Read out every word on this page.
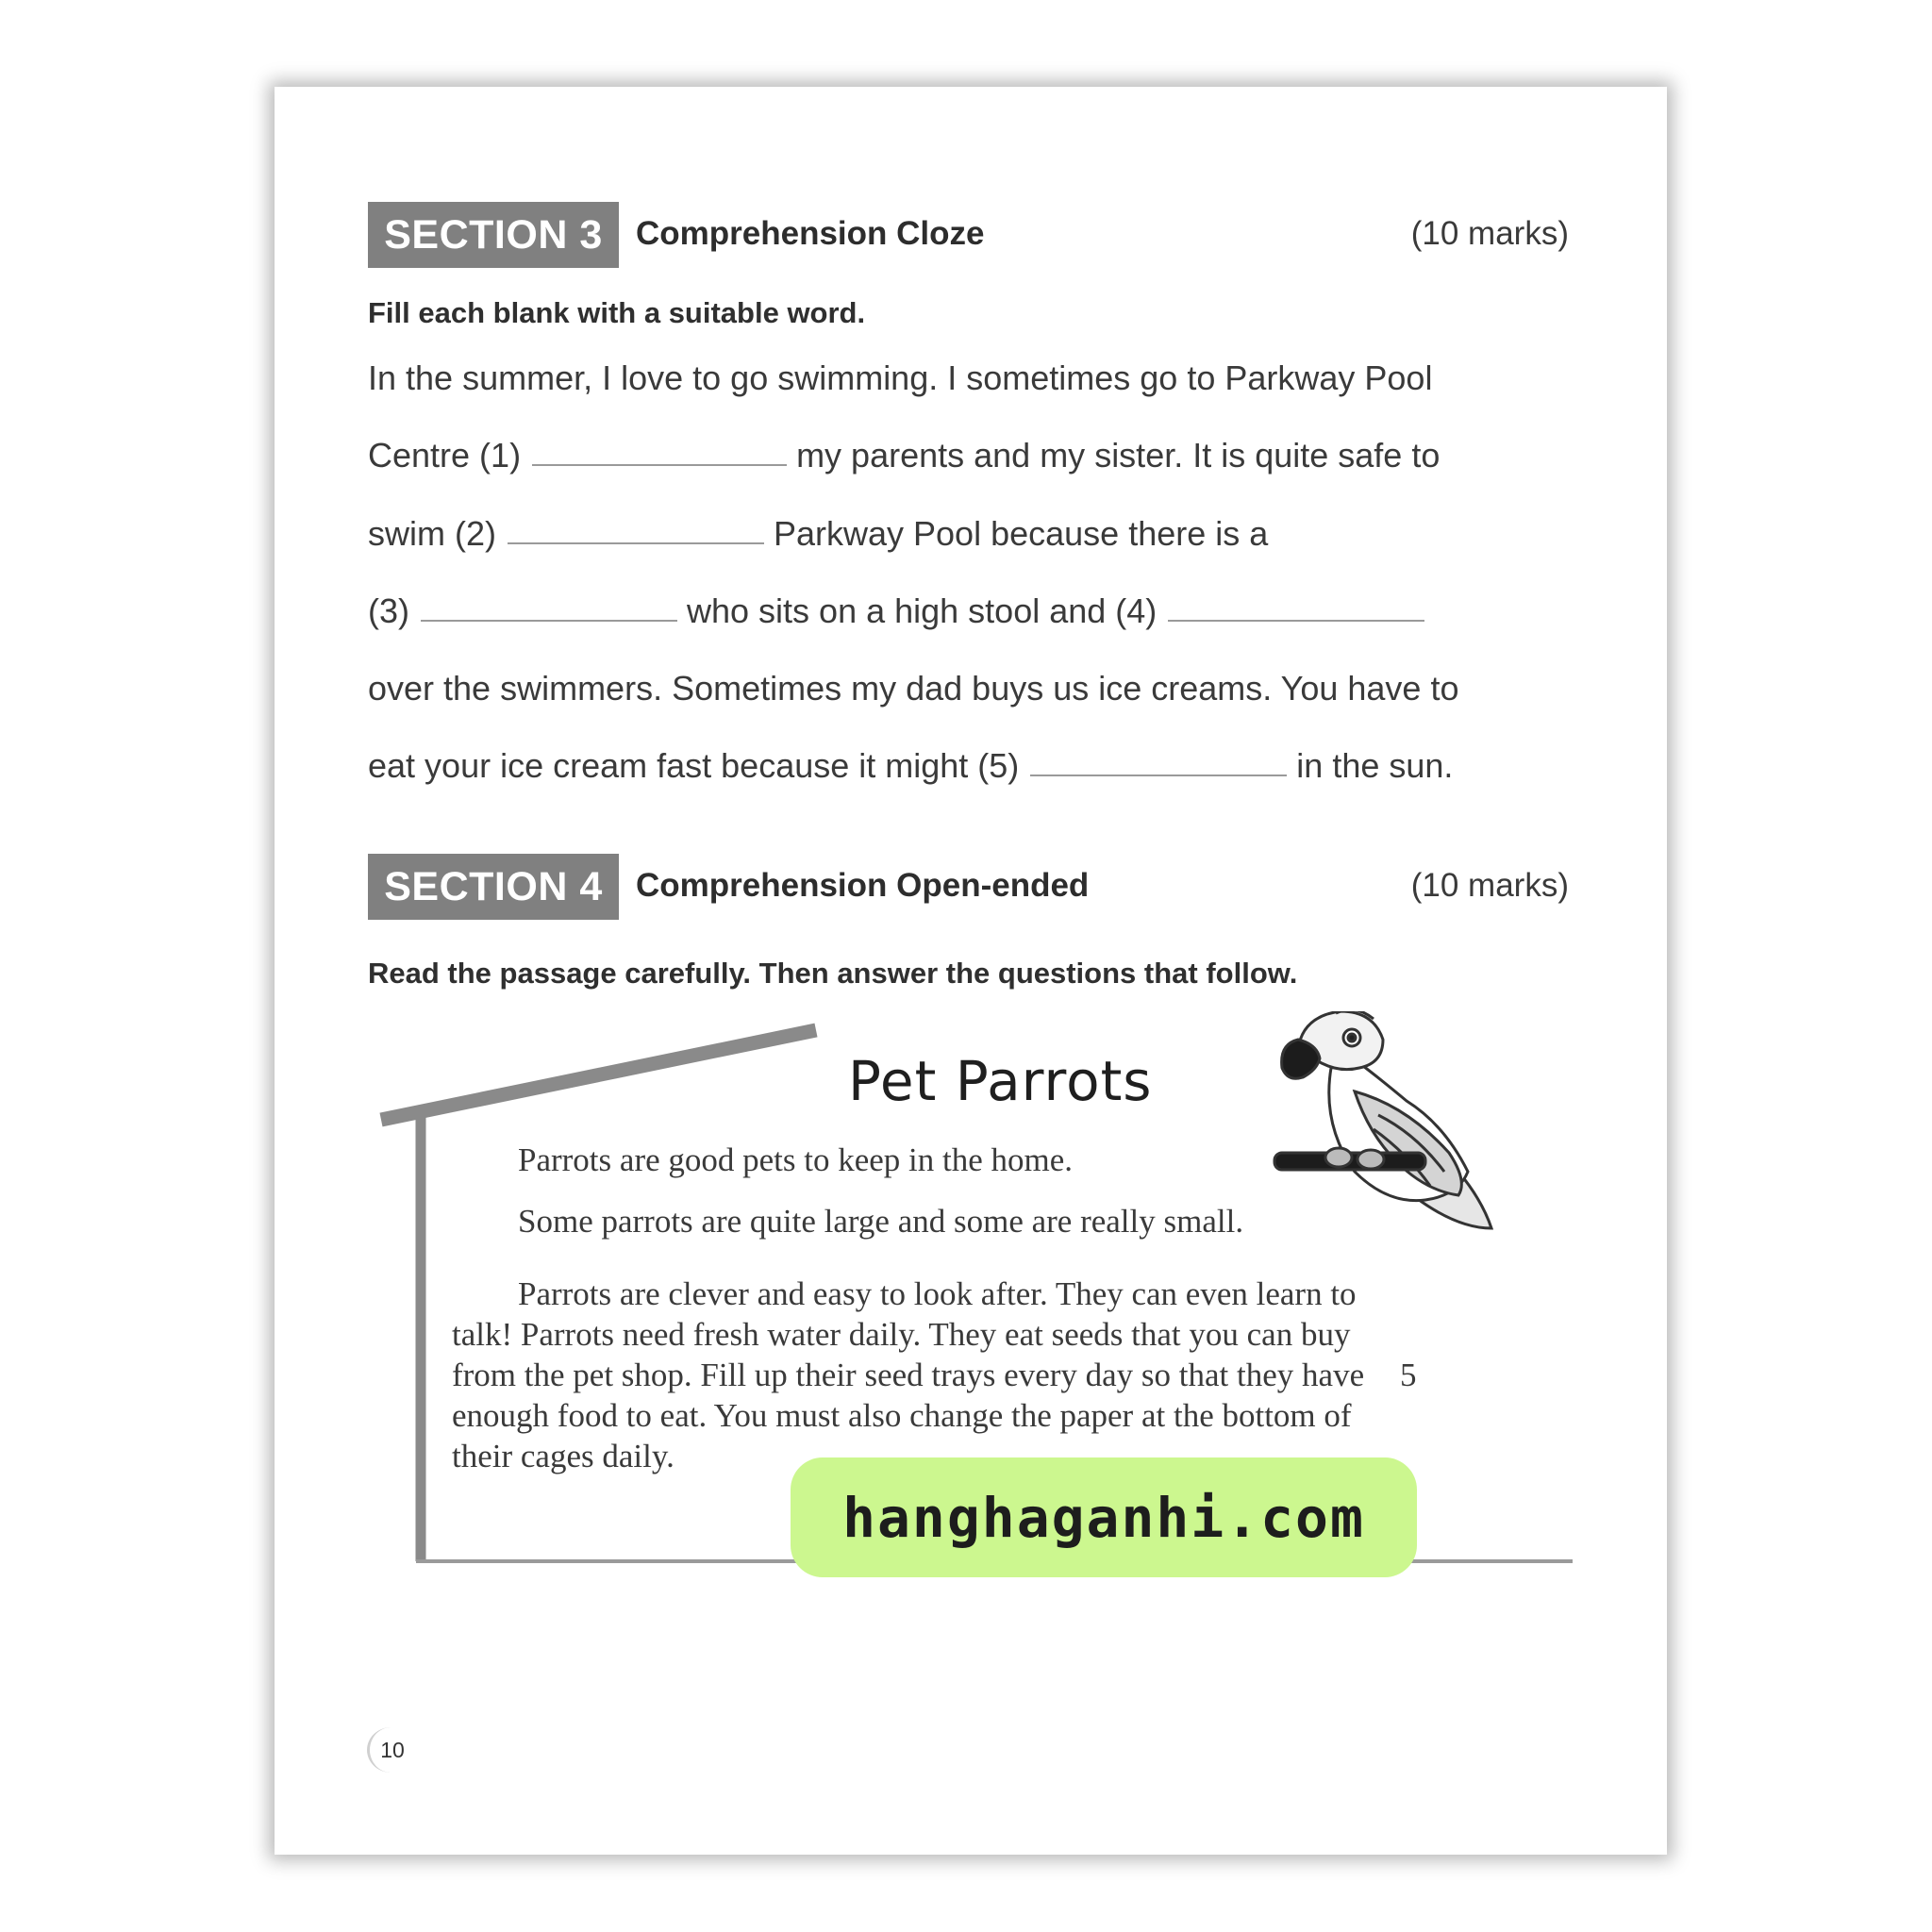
SECTION 3	Comprehension Cloze	(10 marks)
Fill each blank with a suitable word.
In the summer, I love to go swimming. I sometimes go to Parkway Pool
Centre (1)	my parents and my sister. It is quite safe to
swim (2)	Parkway Pool because there is a
(3)	who sits on a high stool and (4)
over the swimmers. Sometimes my dad buys us ice creams. You have to
eat your ice cream fast because it might (5)	in the sun.
SECTION 4	Comprehension Open-ended	(10 marks)
Read the passage carefully. Then answer the questions that follow.
Pet Parrots
Parrots are good pets to keep in the home.
Some parrots are quite large and some are really small.
Parrots are clever and easy to look after. They can even learn to
talk! Parrots need fresh water daily. They eat seeds that you can buy
from the pet shop. Fill up their seed trays every day so that they have
enough food to eat. You must also change the paper at the bottom of
their cages daily.
5
10
hanghaganhi.com
